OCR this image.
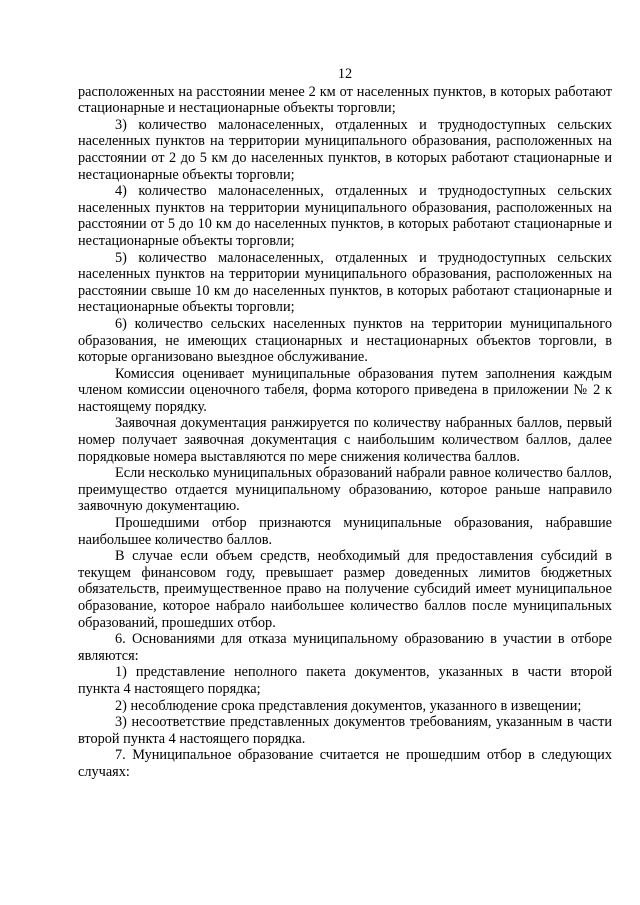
12

расположенных на расстоянии менее 2 км от населенных пунктов, в которых работают стационарные и нестационарные объекты торговли;

3) количество малонаселенных, отдаленных и труднодоступных сельских населенных пунктов на территории муниципального образования, расположенных на расстоянии от 2 до 5 км до населенных пунктов, в которых работают стационарные и нестационарные объекты торговли;

4) количество малонаселенных, отдаленных и труднодоступных сельских населенных пунктов на территории муниципального образования, расположенных на расстоянии от 5 до 10 км до населенных пунктов, в которых работают стационарные и нестационарные объекты торговли;

5) количество малонаселенных, отдаленных и труднодоступных сельских населенных пунктов на территории муниципального образования, расположенных на расстоянии свыше 10 км до населенных пунктов, в которых работают стационарные и нестационарные объекты торговли;

6) количество сельских населенных пунктов на территории муниципального образования, не имеющих стационарных и нестационарных объектов торговли, в которые организовано выездное обслуживание.

Комиссия оценивает муниципальные образования путем заполнения каждым членом комиссии оценочного табеля, форма которого приведена в приложении № 2 к настоящему порядку.

Заявочная документация ранжируется по количеству набранных баллов, первый номер получает заявочная документация с наибольшим количеством баллов, далее порядковые номера выставляются по мере снижения количества баллов.

Если несколько муниципальных образований набрали равное количество баллов, преимущество отдается муниципальному образованию, которое раньше направило заявочную документацию.

Прошедшими отбор признаются муниципальные образования, набравшие наибольшее количество баллов.

В случае если объем средств, необходимый для предоставления субсидий в текущем финансовом году, превышает размер доведенных лимитов бюджетных обязательств, преимущественное право на получение субсидий имеет муниципальное образование, которое набрало наибольшее количество баллов после муниципальных образований, прошедших отбор.

6. Основаниями для отказа муниципальному образованию в участии в отборе являются:

1) представление неполного пакета документов, указанных в части второй пункта 4 настоящего порядка;

2) несоблюдение срока представления документов, указанного в извещении;

3) несоответствие представленных документов требованиям, указанным в части второй пункта 4 настоящего порядка.

7. Муниципальное образование считается не прошедшим отбор в следующих случаях:
